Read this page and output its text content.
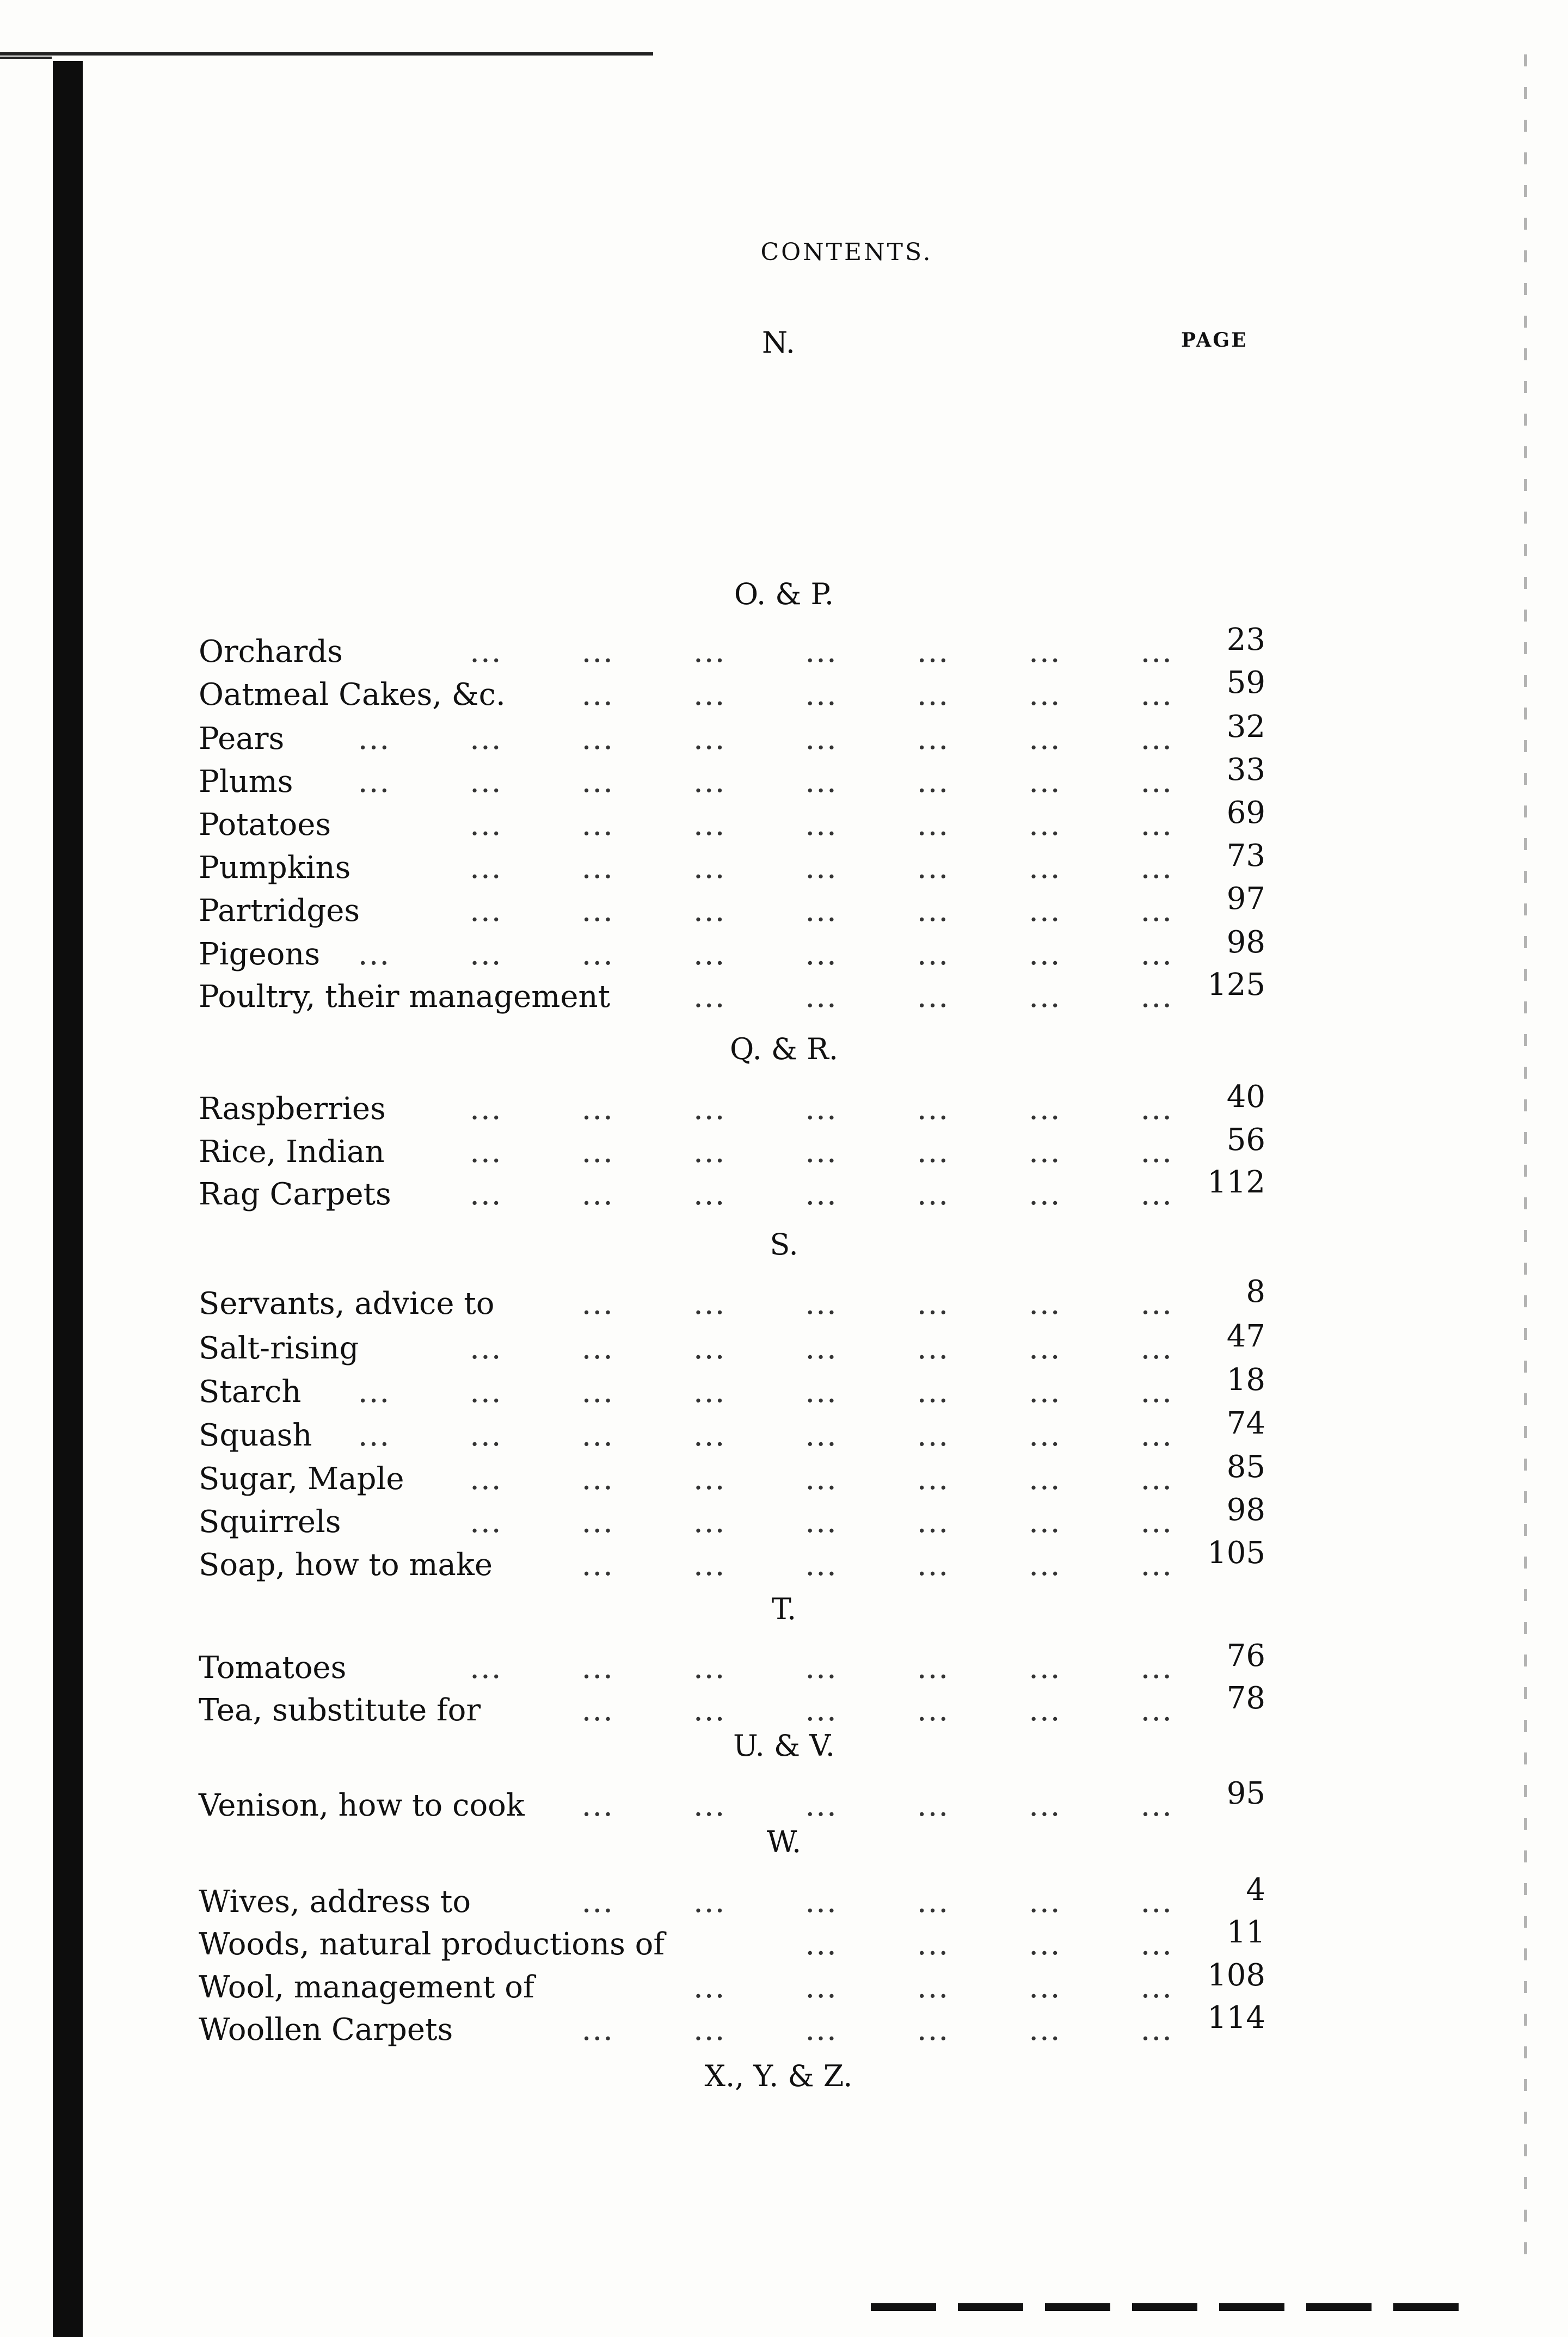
CONTENTS.
PAGE
N.
O. & P.
Orchards	...   ...   ...   ...   ...   ...   ...	23
Oatmeal Cakes, &c. ...   ...   ...   ...   ...   ...	59
Pears ...   ...   ...   ...   ...   ...   ...   ...	32
Plums ...   ...   ...   ...   ...   ...   ...   ...	33
Potatoes	...   ...   ...   ...   ...   ...   ...	69
Pumpkins	...   ...   ...   ...   ...   ...   ...	73
Partridges	...   ...   ...   ...   ...   ...   ...	97
Pigeons ...   ...   ...   ...   ...   ...   ...   ...	98
Poultry, their management	...   ...   ...   ...   ...	125
Q. & R.
Raspberries	...   ...   ...   ...   ...   ...   ...	40
Rice, Indian	...   ...   ...   ...   ...   ...   ...	56
Rag Carpets	...   ...   ...   ...   ...   ...   ...	112
S.
Servants, advice to	...   ...   ...   ...   ...   ...	8
Salt-rising	...   ...   ...   ...   ...   ...   ...	47
Starch ...   ...   ...   ...   ...   ...   ...   ...	18
Squash ...   ...   ...   ...   ...   ...   ...   ...	74
Sugar, Maple ...   ...   ...   ...   ...   ...   ...	85
Squirrels	...   ...   ...   ...   ...   ...   ...	98
Soap, how to make	...   ...   ...   ...   ...   ...	105
T.
Tomatoes	...   ...   ...   ...   ...   ...   ...	76
Tea, substitute for	...   ...   ...   ...   ...   ...	78
U. & V.
Venison, how to cook ...   ...   ...   ...   ...   ...	95
W.
Wives, address to	...   ...   ...   ...   ...   ...	4
Woods, natural productions of	...   ...   ...   ...	11
Wool, management of	...   ...   ...   ...   ...	108
Woollen Carpets	...   ...   ...   ...   ...   ...	114
X., Y. & Z.
